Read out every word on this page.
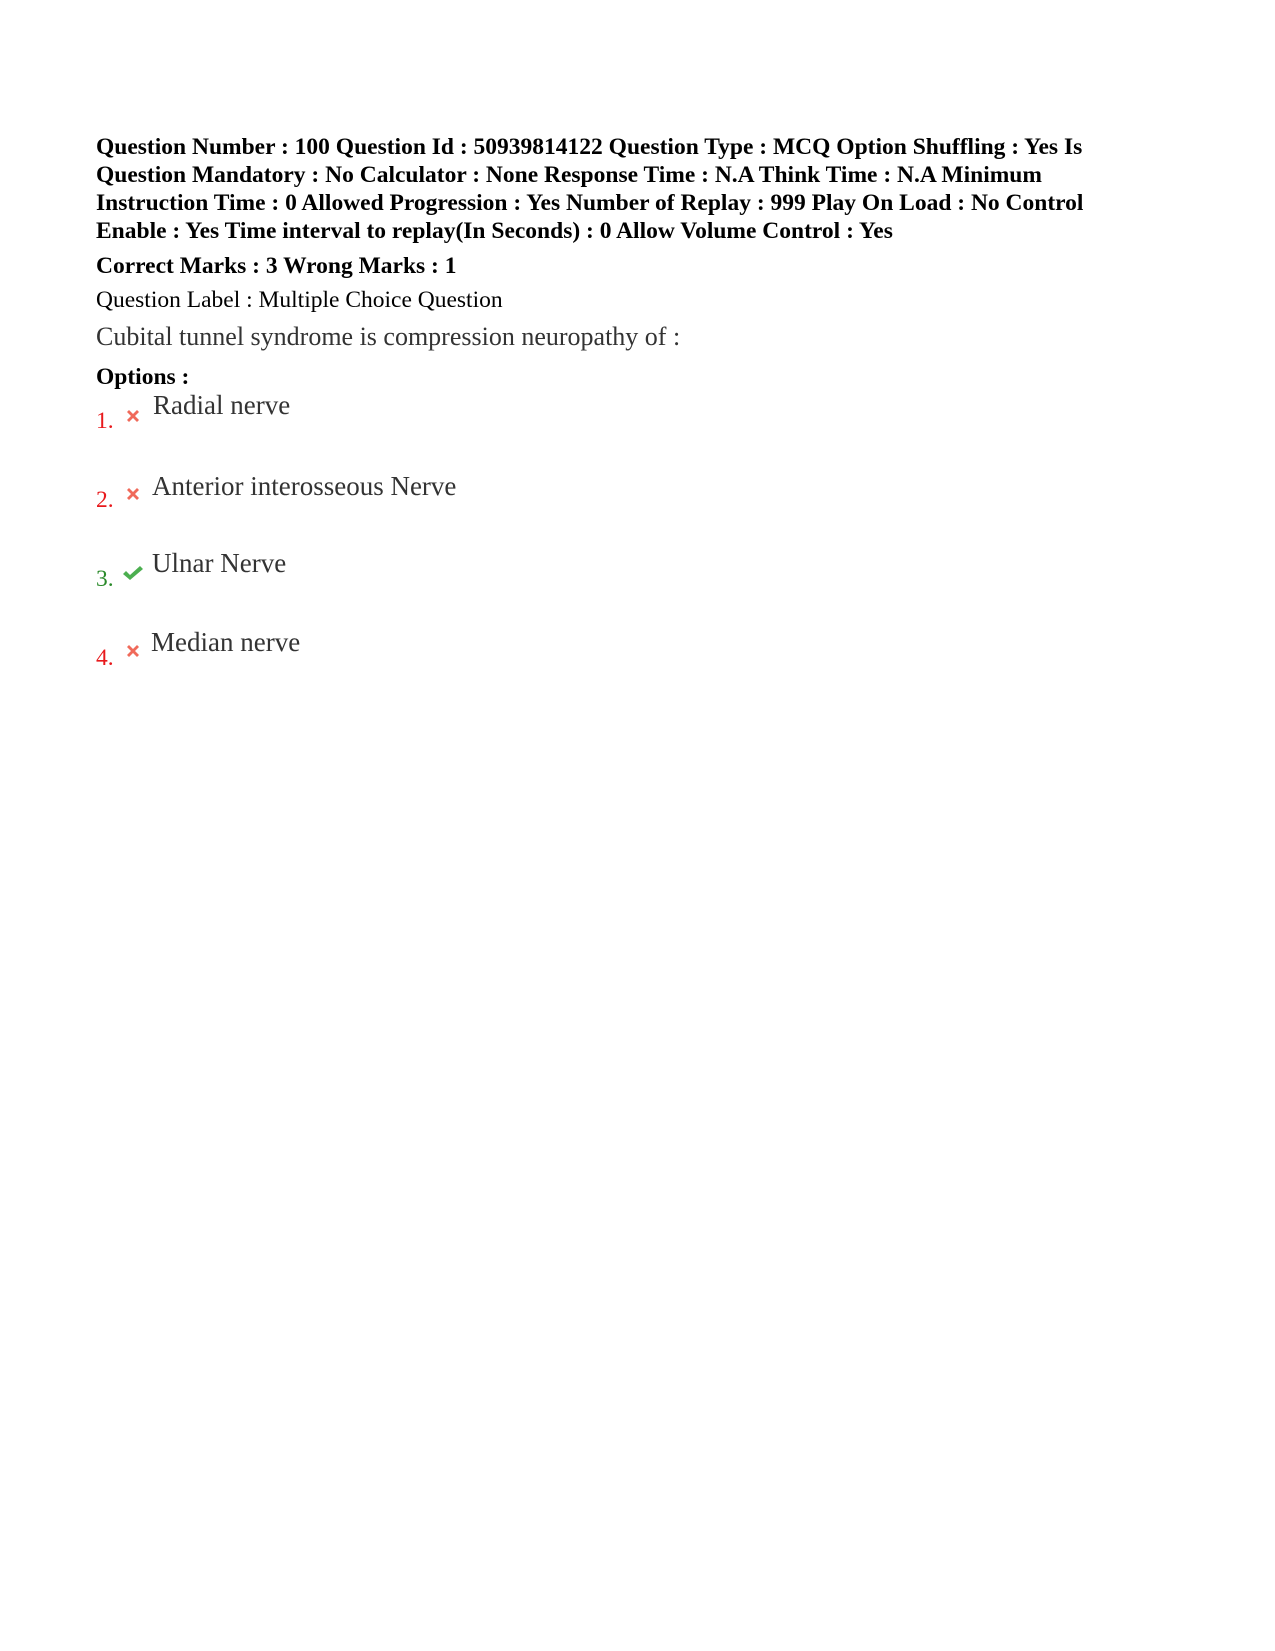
Question Number : 100 Question Id : 50939814122 Question Type : MCQ Option Shuffling : Yes Is
Question Mandatory : No Calculator : None Response Time : N.A Think Time : N.A Minimum
Instruction Time : 0 Allowed Progression : Yes Number of Replay : 999 Play On Load : No Control
Enable : Yes Time interval to replay(In Seconds) : 0 Allow Volume Control : Yes
Correct Marks : 3 Wrong Marks : 1
Question Label : Multiple Choice Question
Cubital tunnel syndrome is compression neuropathy of :
Options :
1.
Radial nerve
2. Anterior interosseous Nerve
3.
Ulnar Nerve
4.
Median nerve
